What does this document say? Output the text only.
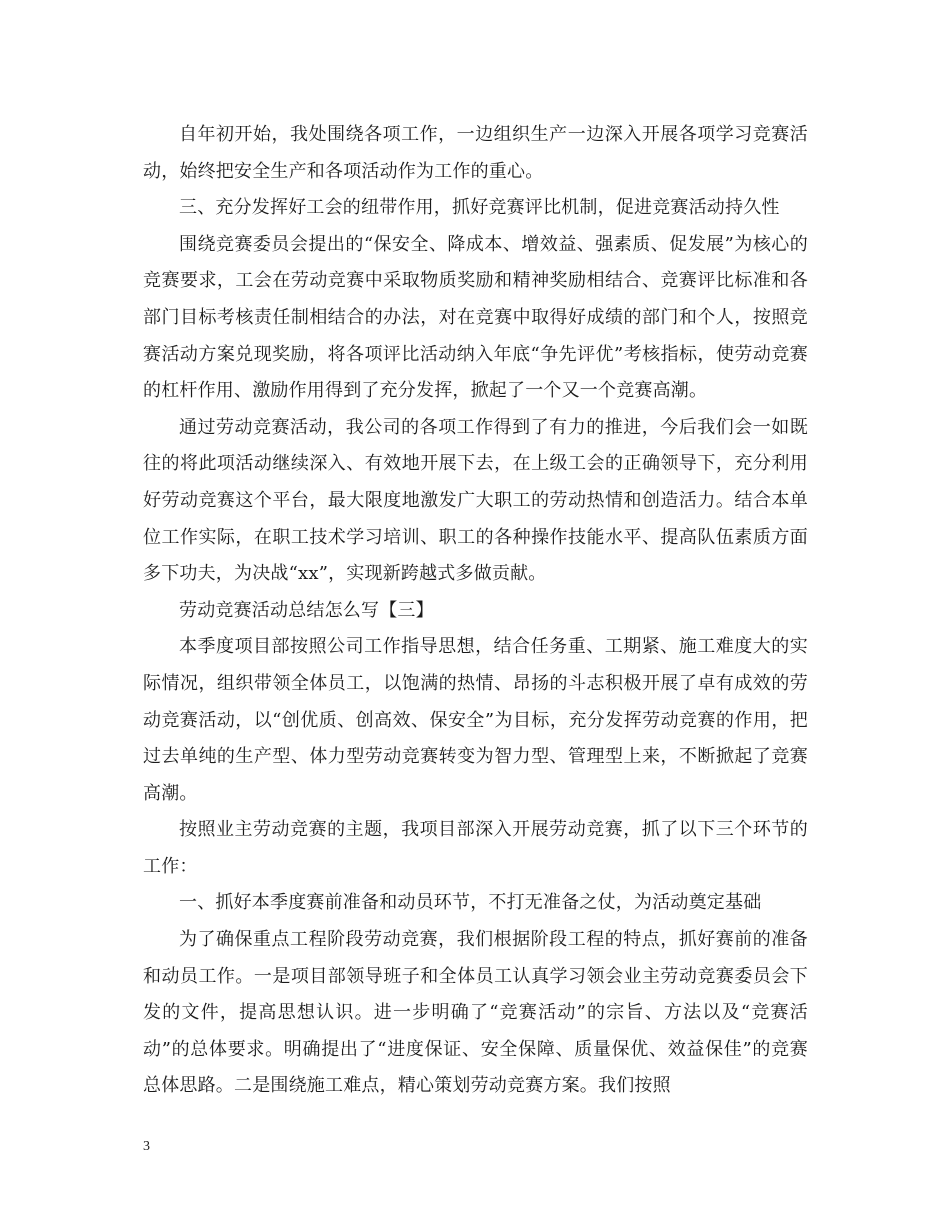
自年初开始，我处围绕各项工作，一边组织生产一边深入开展各项学习竞赛活动，始终把安全生产和各项活动作为工作的重心。

三、充分发挥好工会的纽带作用，抓好竞赛评比机制，促进竞赛活动持久性

围绕竞赛委员会提出的“保安全、降成本、增效益、强素质、促发展”为核心的竞赛要求，工会在劳动竞赛中采取物质奖励和精神奖励相结合、竞赛评比标准和各部门目标考核责任制相结合的办法，对在竞赛中取得好成绩的部门和个人，按照竞赛活动方案兑现奖励，将各项评比活动纳入年底“争先评优”考核指标，使劳动竞赛的杠杆作用、激励作用得到了充分发挥，掀起了一个又一个竞赛高潮。

通过劳动竞赛活动，我公司的各项工作得到了有力的推进，今后我们会一如既往的将此项活动继续深入、有效地开展下去，在上级工会的正确领导下，充分利用好劳动竞赛这个平台，最大限度地激发广大职工的劳动热情和创造活力。结合本单位工作实际，在职工技术学习培训、职工的各种操作技能水平、提高队伍素质方面多下功夫，为决战“xx”，实现新跨越式多做贡献。

劳动竞赛活动总结怎么写【三】

本季度项目部按照公司工作指导思想，结合任务重、工期紧、施工难度大的实际情况，组织带领全体员工，以饱满的热情、昂扬的斗志积极开展了卓有成效的劳动竞赛活动，以“创优质、创高效、保安全”为目标，充分发挥劳动竞赛的作用，把过去单纯的生产型、体力型劳动竞赛转变为智力型、管理型上来，不断掀起了竞赛高潮。

按照业主劳动竞赛的主题，我项目部深入开展劳动竞赛，抓了以下三个环节的工作：

一、抓好本季度赛前准备和动员环节，不打无准备之仗，为活动奠定基础

为了确保重点工程阶段劳动竞赛，我们根据阶段工程的特点，抓好赛前的准备和动员工作。一是项目部领导班子和全体员工认真学习领会业主劳动竞赛委员会下发的文件，提高思想认识。进一步明确了“竞赛活动”的宗旨、方法以及“竞赛活动”的总体要求。明确提出了“进度保证、安全保障、质量保优、效益保佳”的竞赛总体思路。二是围绕施工难点，精心策划劳动竞赛方案。我们按照

3
